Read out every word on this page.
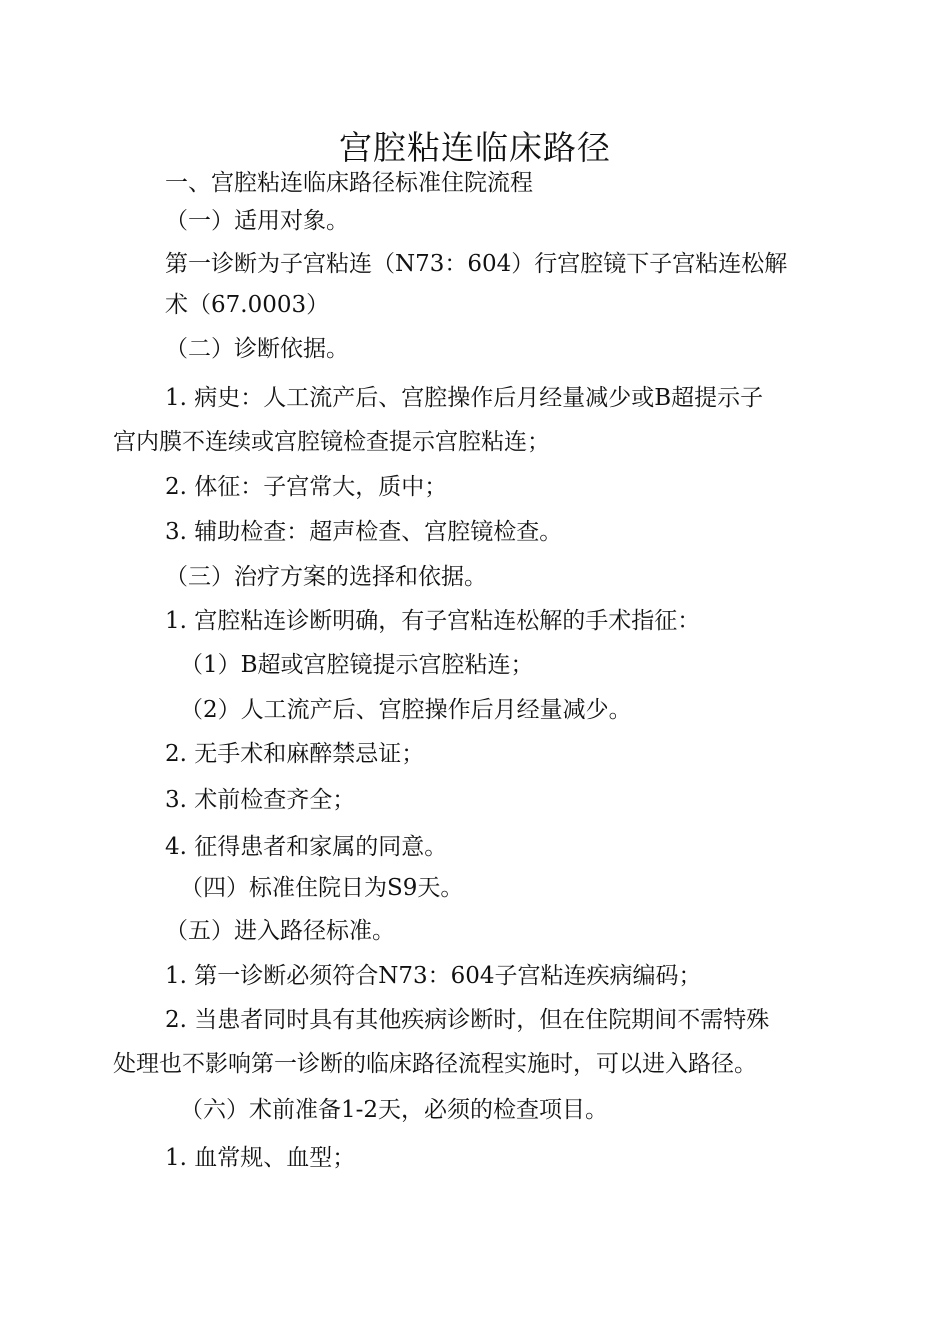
宫腔粘连临床路径
一、宫腔粘连临床路径标准住院流程
（一）适用对象。
第一诊断为子宫粘连（N73：604）行宫腔镜下子宫粘连松解
术（67.0003）
（二）诊断依据。
1. 病史：人工流产后、宫腔操作后月经量减少或B超提示子
宫内膜不连续或宫腔镜检查提示宫腔粘连；
2. 体征：子宫常大，质中；
3. 辅助检查：超声检查、宫腔镜检查。
（三）治疗方案的选择和依据。
1. 宫腔粘连诊断明确，有子宫粘连松解的手术指征：
（1）B超或宫腔镜提示宫腔粘连；
（2）人工流产后、宫腔操作后月经量减少。
2. 无手术和麻醉禁忌证；
3. 术前检查齐全；
4. 征得患者和家属的同意。
（四）标准住院日为S9天。
（五）进入路径标准。
1. 第一诊断必须符合N73：604子宫粘连疾病编码；
2. 当患者同时具有其他疾病诊断时，但在住院期间不需特殊
处理也不影响第一诊断的临床路径流程实施时，可以进入路径。
（六）术前准备1-2天，必须的检查项目。
1. 血常规、血型；
